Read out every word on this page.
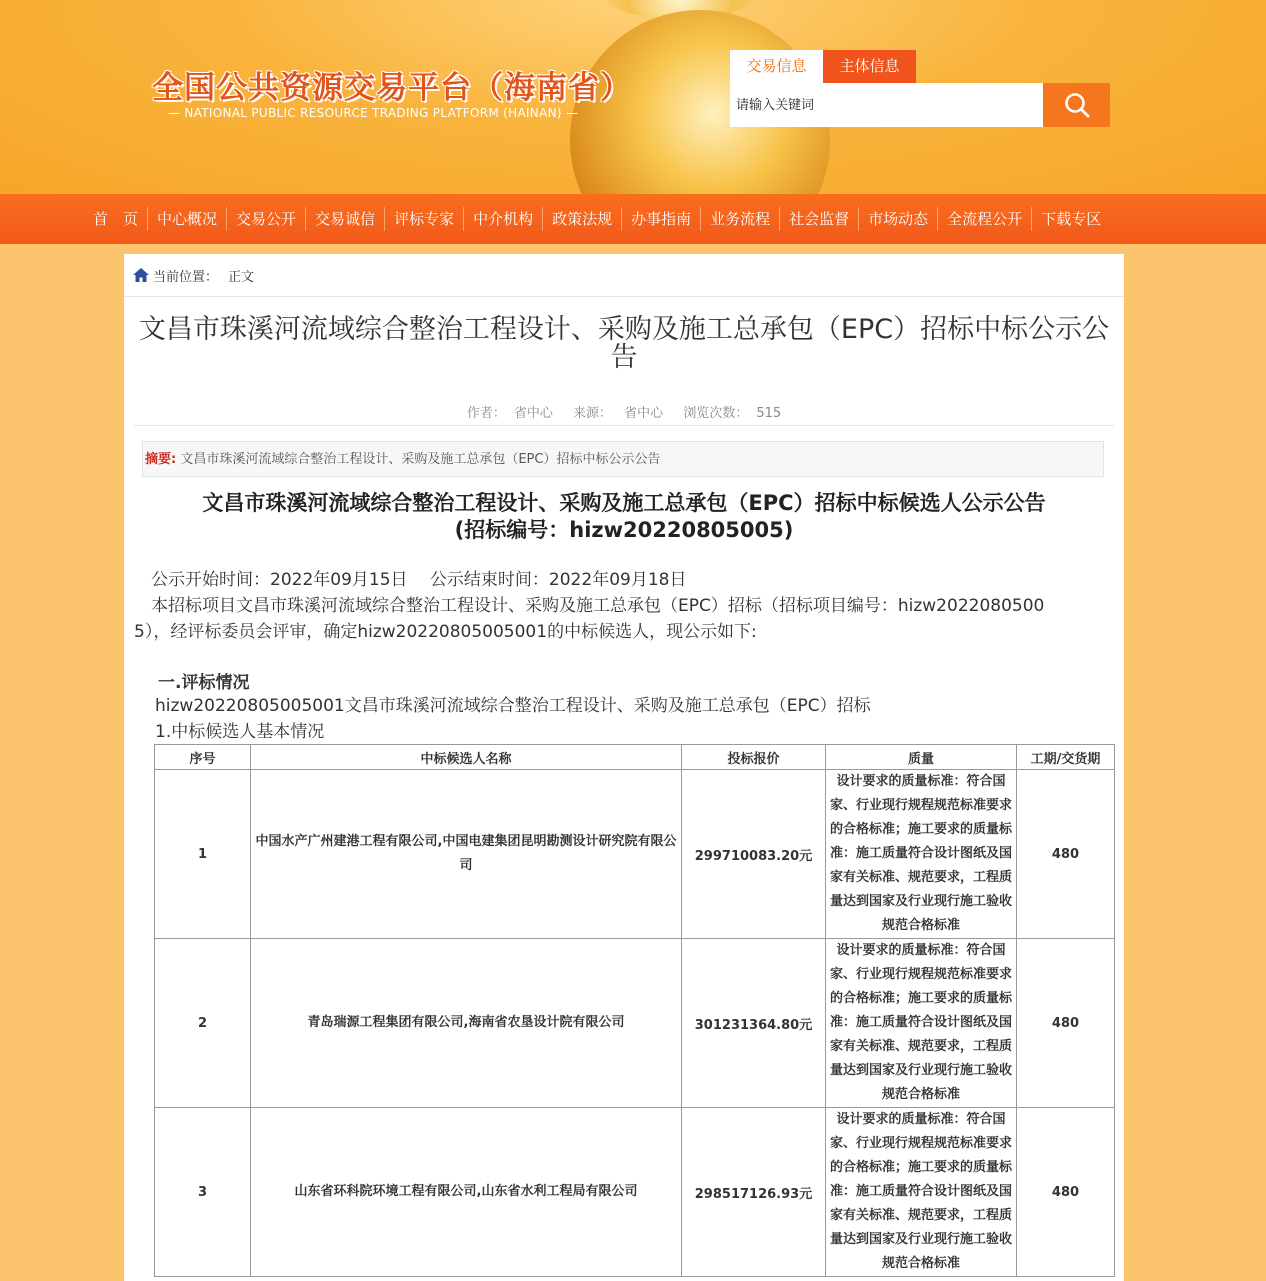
全国公共资源交易平台（海南省）
— NATIONAL PUBLIC RESOURCE TRADING PLATFORM (HAINAN) —
交易信息	主体信息
请输入关键词
首　页	中心概况	交易公开	交易诚信	评标专家	中介机构	政策法规	办事指南	业务流程	社会监督	市场动态	全流程公开	下载专区
当前位置 ： 正文
文昌市珠溪河流域综合整治工程设计、采购及施工总承包（EPC）招标中标公示公告
作者： 省中心 来源： 省中心 浏览次数： 515
摘要: 文昌市珠溪河流域综合整治工程设计、采购及施工总承包（EPC）招标中标公示公告
文昌市珠溪河流域综合整治工程设计、采购及施工总承包（EPC）招标中标候选人公示公告
(招标编号：hizw20220805005)
　公示开始时间：2022年09月15日　 公示结束时间：2022年09月18日
　本招标项目文昌市珠溪河流域综合整治工程设计、采购及施工总承包（EPC）招标（招标项目编号：hizw2022080500
5），经评标委员会评审，确定hizw20220805005001的中标候选人，现公示如下:
一.评标情况
hizw20220805005001文昌市珠溪河流域综合整治工程设计、采购及施工总承包（EPC）招标
1.中标候选人基本情况
序号	中标候选人名称	投标报价	质量	工期/交货期
1	中国水产广州建港工程有限公司,中国电建集团昆明勘测设计研究院有限公司	299710083.20元	设计要求的质量标准：符合国家、行业现行规程规范标准要求的合格标准；施工要求的质量标准：施工质量符合设计图纸及国家有关标准、规范要求，工程质量达到国家及行业现行施工验收规范合格标准	480
2	青岛瑞源工程集团有限公司,海南省农垦设计院有限公司	301231364.80元	设计要求的质量标准：符合国家、行业现行规程规范标准要求的合格标准；施工要求的质量标准：施工质量符合设计图纸及国家有关标准、规范要求，工程质量达到国家及行业现行施工验收规范合格标准	480
3	山东省环科院环境工程有限公司,山东省水利工程局有限公司	298517126.93元	设计要求的质量标准：符合国家、行业现行规程规范标准要求的合格标准；施工要求的质量标准：施工质量符合设计图纸及国家有关标准、规范要求，工程质量达到国家及行业现行施工验收规范合格标准	480
